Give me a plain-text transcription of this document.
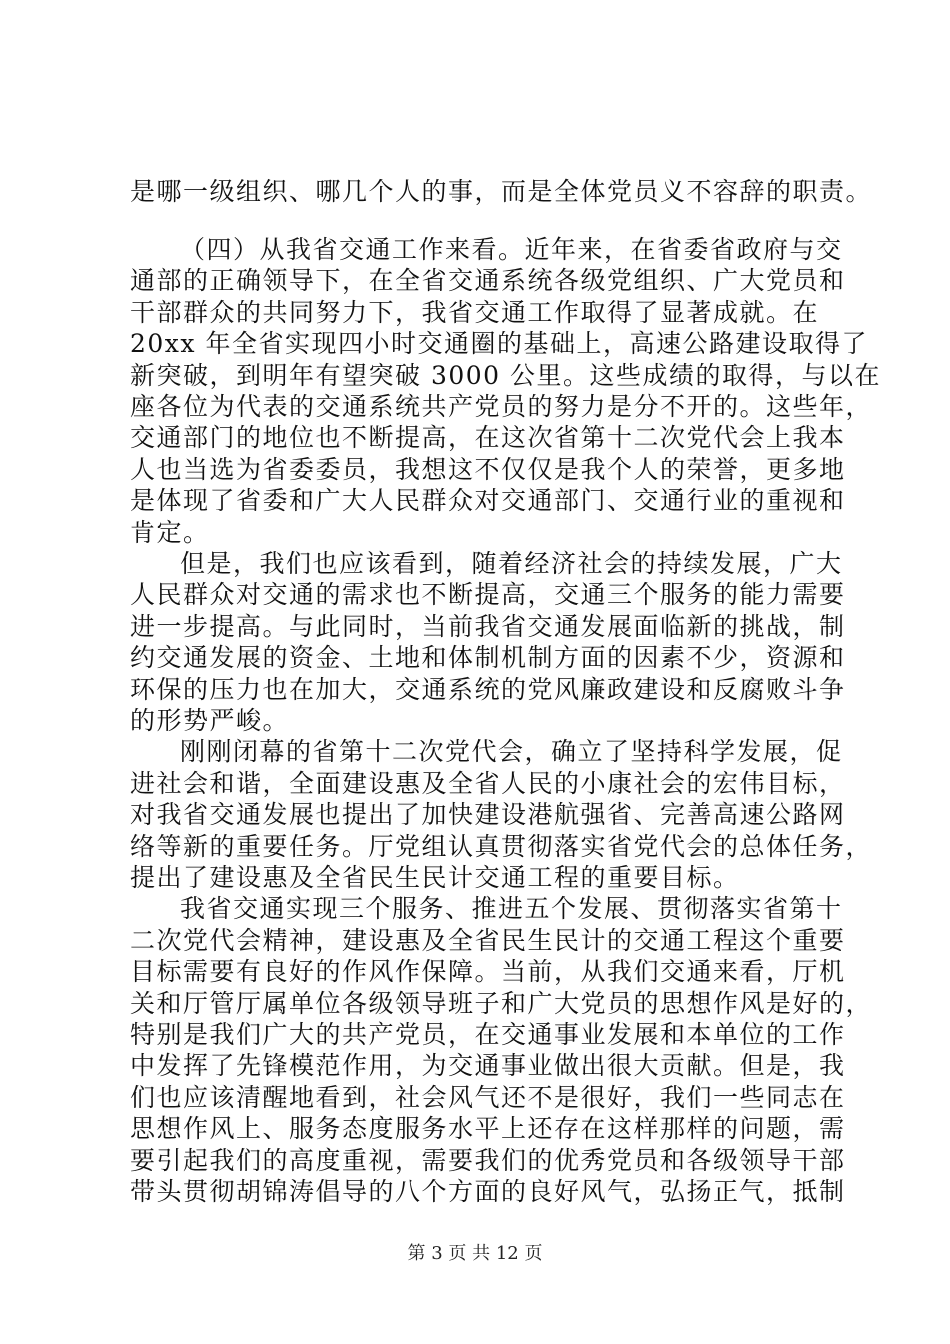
是哪一级组织、哪几个人的事，而是全体党员义不容辞的职责。
（四）从我省交通工作来看。近年来，在省委省政府与交
通部的正确领导下，在全省交通系统各级党组织、广大党员和
干部群众的共同努力下，我省交通工作取得了显著成就。在
20xx 年全省实现四小时交通圈的基础上，高速公路建设取得了
新突破，到明年有望突破 3000 公里。这些成绩的取得，与以在
座各位为代表的交通系统共产党员的努力是分不开的。这些年，
交通部门的地位也不断提高，在这次省第十二次党代会上我本
人也当选为省委委员，我想这不仅仅是我个人的荣誉，更多地
是体现了省委和广大人民群众对交通部门、交通行业的重视和
肯定。
但是，我们也应该看到，随着经济社会的持续发展，广大
人民群众对交通的需求也不断提高，交通三个服务的能力需要
进一步提高。与此同时，当前我省交通发展面临新的挑战，制
约交通发展的资金、土地和体制机制方面的因素不少，资源和
环保的压力也在加大，交通系统的党风廉政建设和反腐败斗争
的形势严峻。
刚刚闭幕的省第十二次党代会，确立了坚持科学发展，促
进社会和谐，全面建设惠及全省人民的小康社会的宏伟目标，
对我省交通发展也提出了加快建设港航强省、完善高速公路网
络等新的重要任务。厅党组认真贯彻落实省党代会的总体任务，
提出了建设惠及全省民生民计交通工程的重要目标。
我省交通实现三个服务、推进五个发展、贯彻落实省第十
二次党代会精神，建设惠及全省民生民计的交通工程这个重要
目标需要有良好的作风作保障。当前，从我们交通来看，厅机
关和厅管厅属单位各级领导班子和广大党员的思想作风是好的，
特别是我们广大的共产党员，在交通事业发展和本单位的工作
中发挥了先锋模范作用，为交通事业做出很大贡献。但是，我
们也应该清醒地看到，社会风气还不是很好，我们一些同志在
思想作风上、服务态度服务水平上还存在这样那样的问题，需
要引起我们的高度重视，需要我们的优秀党员和各级领导干部
带头贯彻胡锦涛倡导的八个方面的良好风气，弘扬正气，抵制
第 3 页 共 12 页
